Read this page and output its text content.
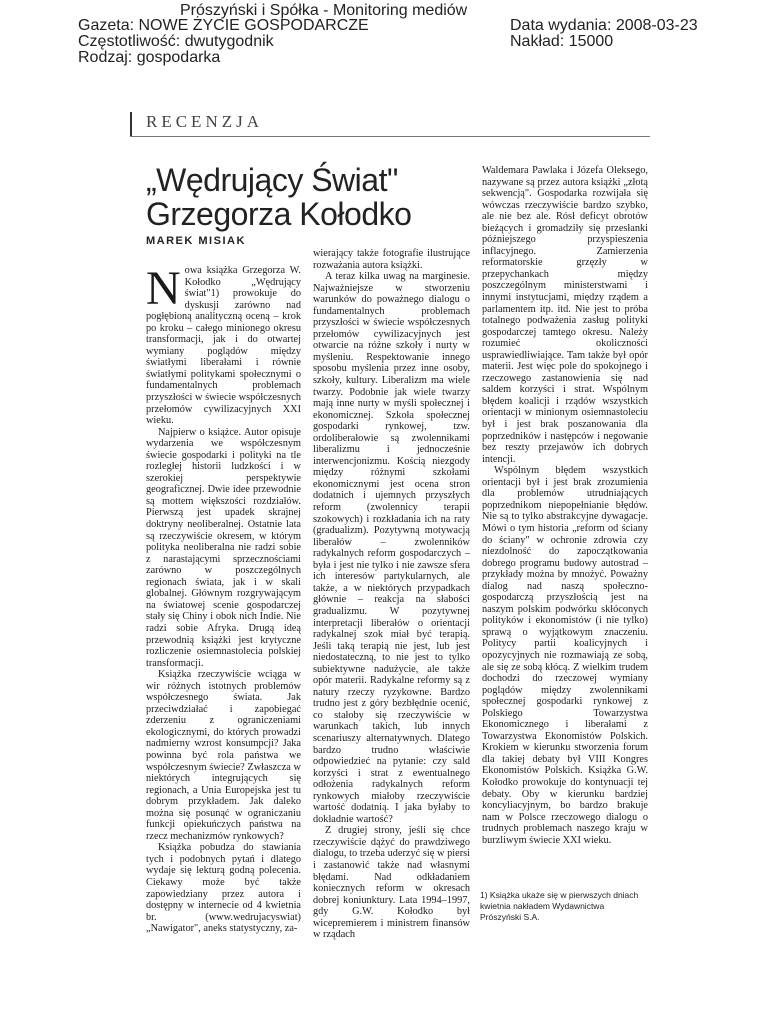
Prószyński i Spółka - Monitoring mediów
Gazeta: NOWE ŻYCIE GOSPODARCZE	Data wydania: 2008-03-23
Częstotliwość: dwutygodnik	Nakład: 15000
Rodzaj: gospodarka
RECENZJA
„Wędrujący Świat"
Grzegorza Kołodko
MAREK MISIAK

Nowa książka Grzegorza W. Kołodko „Wędrujący świat"1) prowokuje do dyskusji zarówno nad pogłębioną analityczną oceną – krok po kroku – całego minionego okresu transformacji, jak i do otwartej wymiany poglądów między światłymi liberałami i równie światłymi politykami społecznymi o fundamentalnych problemach przyszłości w świecie współczesnych przełomów cywilizacyjnych XXI wieku.

Najpierw o książce. Autor opisuje wydarzenia we współczesnym świecie gospodarki i polityki na tle rozległej historii ludzkości i w szerokiej perspektywie geograficznej. Dwie idee przewodnie są mottem większości rozdziałów. Pierwszą jest upadek skrajnej doktryny neoliberalnej. Ostatnie lata są rzeczywiście okresem, w którym polityka neoliberalna nie radzi sobie z narastającymi sprzecznościami zarówno w poszczególnych regionach świata, jak i w skali globalnej. Głównym rozgrywającym na światowej scenie gospodarczej stały się Chiny i obok nich Indie. Nie radzi sobie Afryka. Drugą ideą przewodnią książki jest krytyczne rozliczenie osiemnastolecia polskiej transformacji.

Książka rzeczywiście wciąga w wir różnych istotnych problemów współczesnego świata. Jak przeciwdziałać i zapobiegać zderzeniu z ograniczeniami ekologicznymi, do których prowadzi nadmierny wzrost konsumpcji? Jaka powinna być rola państwa we współczesnym świecie? Zwłaszcza w niektórych integrujących się regionach, a Unia Europejska jest tu dobrym przykładem. Jak daleko można się posunąć w ograniczaniu funkcji opiekuńczych państwa na rzecz mechanizmów rynkowych?

Książka pobudza do stawiania tych i podobnych pytań i dlatego wydaje się lekturą godną polecenia. Ciekawy może być także zapowiedziany przez autora i dostępny w internecie od 4 kwietnia br. (www.wedrujacyswiat) „Nawigator", aneks statystyczny, za-

wierający także fotografie ilustrujące rozważania autora książki.

A teraz kilka uwag na marginesie. Najważniejsze w stworzeniu warunków do poważnego dialogu o fundamentalnych problemach przyszłości w świecie współczesnych przełomów cywilizacyjnych jest otwarcie na różne szkoły i nurty w myśleniu. Respektowanie innego sposobu myślenia przez inne osoby, szkoły, kultury. Liberalizm ma wiele twarzy. Podobnie jak wiele twarzy mają inne nurty w myśli społecznej i ekonomicznej. Szkoła społecznej gospodarki rynkowej, tzw. ordoliberałowie są zwolennikami liberalizmu i jednocześnie interwencjonizmu. Kością niezgody między różnymi szkołami ekonomicznymi jest ocena stron dodatnich i ujemnych przyszłych reform (zwolennicy terapii szokowych) i rozkładania ich na raty (gradualizm). Pozytywną motywacją liberałów – zwolenników radykalnych reform gospodarczych – była i jest nie tylko i nie zawsze sfera ich interesów partykularnych, ale także, a w niektórych przypadkach głównie – reakcja na słabości gradualizmu. W pozytywnej interpretacji liberałów o orientacji radykalnej szok miał być terapią. Jeśli taką terapią nie jest, lub jest niedostateczną, to nie jest to tylko subiektywne nadużycie, ale także opór materii. Radykalne reformy są z natury rzeczy ryzykowne. Bardzo trudno jest z góry bezbłędnie ocenić, co stałoby się rzeczywiście w warunkach takich, lub innych scenariuszy alternatywnych. Dlatego bardzo trudno właściwie odpowiedzieć na pytanie: czy sald korzyści i strat z ewentualnego odłożenia radykalnych reform rynkowych miałoby rzeczywiście wartość dodatnią. I jaka byłaby to dokładnie wartość?

Z drugiej strony, jeśli się chce rzeczywiście dążyć do prawdziwego dialogu, to trzeba uderzyć się w piersi i zastanowić także nad własnymi błędami. Nad odkładaniem koniecznych reform w okresach dobrej koniunktury. Lata 1994–1997, gdy G.W. Kołodko był wicepremierem i ministrem finansów w rządach

Waldemara Pawlaka i Józefa Oleksego, nazywane są przez autora książki „złotą sekwencją". Gospodarka rozwijała się wówczas rzeczywiście bardzo szybko, ale nie bez ale. Rósł deficyt obrotów bieżących i gromadziły się przesłanki późniejszego przyspieszenia inflacyjnego. Zamierzenia reformatorskie grzęzły w przepychankach między poszczególnym ministerstwami i innymi instytucjami, między rządem a parlamentem itp. itd. Nie jest to próba totalnego podważenia zasług polityki gospodarczej tamtego okresu. Należy rozumieć okoliczności usprawiedliwiające. Tam także był opór materii. Jest więc pole do spokojnego i rzeczowego zastanowienia się nad saldem korzyści i strat. Wspólnym błędem koalicji i rządów wszystkich orientacji w minionym osiemnastoleciu był i jest brak poszanowania dla poprzedników i następców i negowanie bez reszty przejawów ich dobrych intencji.

Wspólnym błędem wszystkich orientacji był i jest brak zrozumienia dla problemów utrudniających poprzednikom niepopełnianie błędów. Nie są to tylko abstrakcyjne dywagacje. Mówi o tym historia „reform od ściany do ściany" w ochronie zdrowia czy niezdolność do zapoczątkowania dobrego programu budowy autostrad – przykłady można by mnożyć. Poważny dialog nad naszą społeczno-gospodarczą przyszłością jest na naszym polskim podwórku skłóconych polityków i ekonomistów (i nie tylko) sprawą o wyjątkowym znaczeniu. Politycy partii koalicyjnych i opozycyjnych nie rozmawiają ze sobą, ale się ze sobą kłócą. Z wielkim trudem dochodzi do rzeczowej wymiany poglądów między zwolennikami społecznej gospodarki rynkowej z Polskiego Towarzystwa Ekonomicznego i liberałami z Towarzystwa Ekonomistów Polskich. Krokiem w kierunku stworzenia forum dla takiej debaty był VIII Kongres Ekonomistów Polskich. Książka G.W. Kołodko prowokuje do kontynuacji tej debaty. Oby w kierunku bardziej koncyliacyjnym, bo bardzo brakuje nam w Polsce rzeczowego dialogu o trudnych problemach naszego kraju w burzliwym świecie XXI wieku.

1) Książka ukaże się w pierwszych dniach kwietnia nakładem Wydawnictwa Prószyński S.A.
